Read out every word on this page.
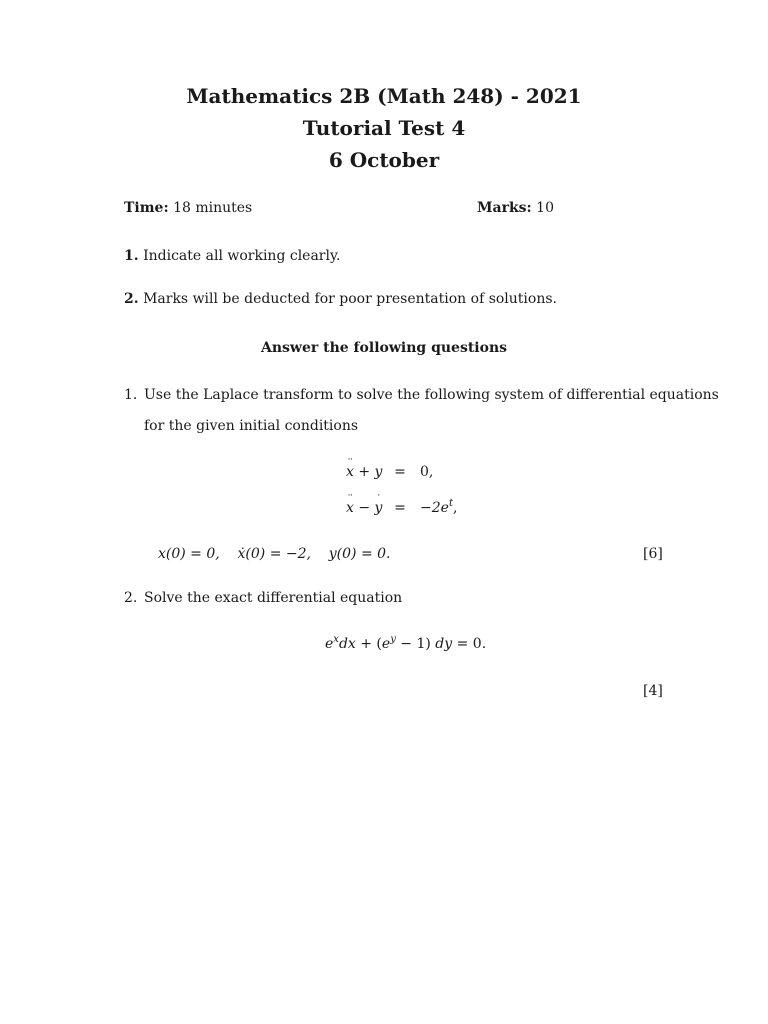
Mathematics 2B (Math 248) - 2021
Tutorial Test 4
6 October
Time: 18 minutes	Marks: 10
1. Indicate all working clearly.
2. Marks will be deducted for poor presentation of solutions.
Answer the following questions
1. Use the Laplace transform to solve the following system of differential equations
for the given initial conditions
x
··
+ y =	0,
x
··
− y
·
=	$-2e^t$,
x(0) = 0,    ẋ(0) = −2,    y(0) = 0.	[6]
2. Solve the exact differential equation
$e^xdx + (e^y - 1)$ dy = 0.
[4]
